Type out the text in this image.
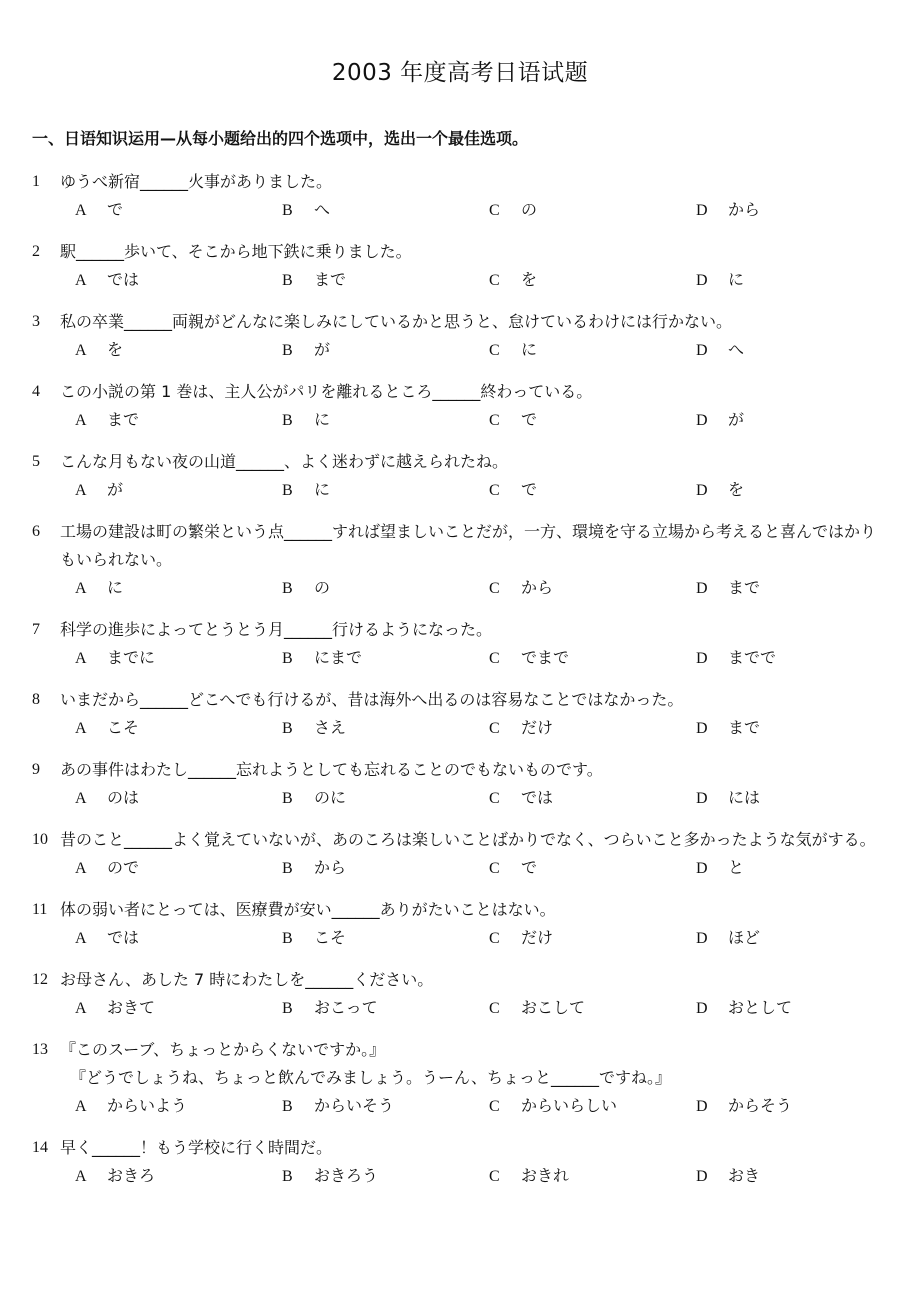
2003 年度高考日语试题
一、日语知识运用—从每小题给出的四个选项中，选出一个最佳选项。
1 ゆうべ新宿______火事がありました。
A で	B へ	C の	D から
2 駅______歩いて、そこから地下鉄に乗りました。
A では	B まで	C を	D に
3 私の卒業______両親がどんなに楽しみにしているかと思うと、怠けているわけには行かない。
A を	B が	C に	D へ
4 この小説の第 1 巻は、主人公がパリを離れるところ______終わっている。
A まで	B に	C で	D が
5 こんな月もない夜の山道______、よく迷わずに越えられたね。
A が	B に	C で	D を
6 工場の建設は町の繁栄という点______すれば望ましいことだが，一方、環境を守る立場から考えると喜んではかりもいられない。
A に	B の	C から	D まで
7 科学の進歩によってとうとう月______行けるようになった。
A までに	B にまで	C でまで	D までで
8 いまだから______どこへでも行けるが、昔は海外へ出るのは容易なことではなかった。
A こそ	B さえ	C だけ	D まで
9 あの事件はわたし______忘れようとしても忘れることのでもないものです。
A のは	B のに	C では	D には
10 昔のこと______よく覚えていないが、あのころは楽しいことばかりでなく、つらいこと多かったような気がする。
A ので	B から	C で	D と
11 体の弱い者にとっては、医療費が安い______ありがたいことはない。
A では	B こそ	C だけ	D ほど
12 お母さん、あした 7 時にわたしを______ください。
A おきて	B おこって	C おこして	D おとして
13 『このスーブ、ちょっとからくないですか。』
『どうでしょうね、ちょっと飲んでみましょう。うーん、ちょっと______ですね。』
A からいよう	B からいそう	C からいらしい	D からそう
14 早く______！もう学校に行く時間だ。
A おきろ	B おきろう	C おきれ	D おき
